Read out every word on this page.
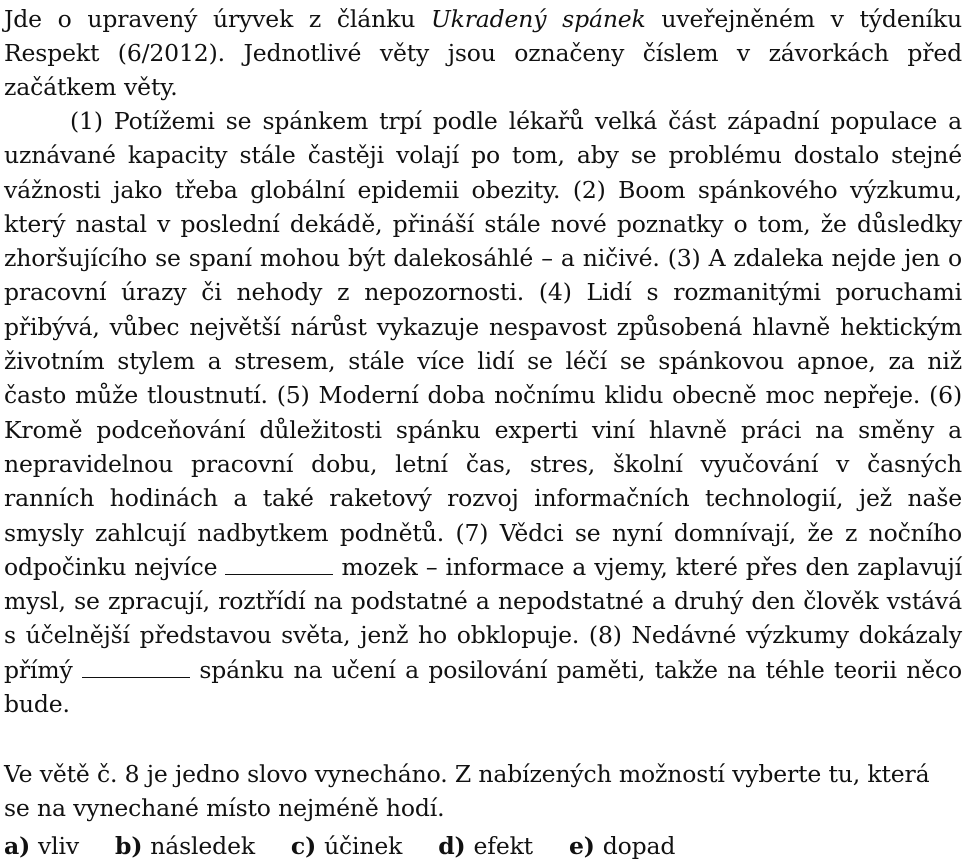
Jde o upravený úryvek z článku Ukradený spánek uveřejněném v týdeníku Respekt (6/2012). Jednotlivé věty jsou označeny číslem v závorkách před začátkem věty.

(1) Potížemi se spánkem trpí podle lékařů velká část západní populace a uznávané kapacity stále častěji volají po tom, aby se problému dostalo stejné vážnosti jako třeba globální epidemii obezity. (2) Boom spánkového výzkumu, který nastal v poslední dekádě, přináší stále nové poznatky o tom, že důsledky zhoršujícího se spaní mohou být dalekosáhlé – a ničivé. (3) A zdaleka nejde jen o pracovní úrazy či nehody z nepozornosti. (4) Lidí s rozmanitými poruchami přibývá, vůbec největší nárůst vykazuje nespavost způsobená hlavně hektickým životním stylem a stresem, stále více lidí se léčí se spánkovou apnoe, za niž často může tloustnutí. (5) Moderní doba nočnímu klidu obecně moc nepřeje. (6) Kromě podceňování důležitosti spánku experti viní hlavně práci na směny a nepravidelnou pracovní dobu, letní čas, stres, školní vyučování v časných ranních hodinách a také raketový rozvoj informačních technologií, jež naše smysly zahlcují nadbytkem podnětů. (7) Vědci se nyní domnívají, že z nočního odpočinku nejvíce	mozek – informace a vjemy, které přes den zaplavují mysl, se zpracují, roztřídí na podstatné a nepodstatné a druhý den člověk vstává s účelnější představou světa, jenž ho obklopuje. (8) Nedávné výzkumy dokázaly přímý	spánku na učení a posilování paměti, takže na téhle teorii něco bude.

Ve větě č. 8 je jedno slovo vynecháno. Z nabízených možností vyberte tu, která se na vynechané místo nejméně hodí.

a) vliv b) následek c) účinek d) efekt e) dopad
